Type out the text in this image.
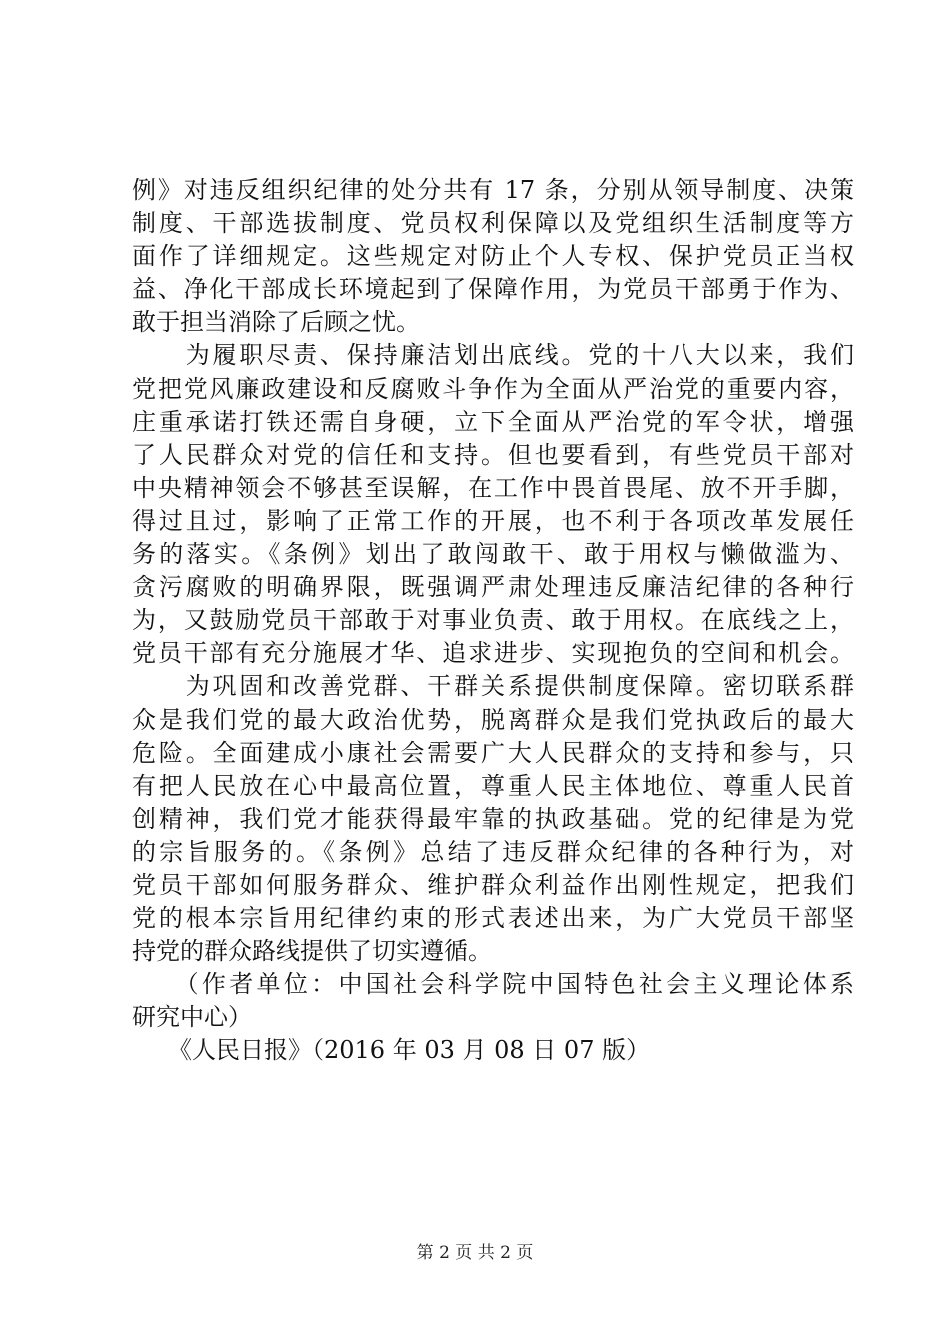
例》对违反组织纪律的处分共有 17 条，分别从领导制度、决策
制度、干部选拔制度、党员权利保障以及党组织生活制度等方
面作了详细规定。这些规定对防止个人专权、保护党员正当权
益、净化干部成长环境起到了保障作用，为党员干部勇于作为、
敢于担当消除了后顾之忧。
　　为履职尽责、保持廉洁划出底线。党的十八大以来，我们
党把党风廉政建设和反腐败斗争作为全面从严治党的重要内容，
庄重承诺打铁还需自身硬，立下全面从严治党的军令状，增强
了人民群众对党的信任和支持。但也要看到，有些党员干部对
中央精神领会不够甚至误解，在工作中畏首畏尾、放不开手脚，
得过且过，影响了正常工作的开展，也不利于各项改革发展任
务的落实。《条例》划出了敢闯敢干、敢于用权与懒做滥为、
贪污腐败的明确界限，既强调严肃处理违反廉洁纪律的各种行
为，又鼓励党员干部敢于对事业负责、敢于用权。在底线之上，
党员干部有充分施展才华、追求进步、实现抱负的空间和机会。
　　为巩固和改善党群、干群关系提供制度保障。密切联系群
众是我们党的最大政治优势，脱离群众是我们党执政后的最大
危险。全面建成小康社会需要广大人民群众的支持和参与，只
有把人民放在心中最高位置，尊重人民主体地位、尊重人民首
创精神，我们党才能获得最牢靠的执政基础。党的纪律是为党
的宗旨服务的。《条例》总结了违反群众纪律的各种行为，对
党员干部如何服务群众、维护群众利益作出刚性规定，把我们
党的根本宗旨用纪律约束的形式表述出来，为广大党员干部坚
持党的群众路线提供了切实遵循。
　　（作者单位：中国社会科学院中国特色社会主义理论体系
研究中心）
　　《人民日报》（2016 年 03 月 08 日 07 版）
第 2 页 共 2 页
